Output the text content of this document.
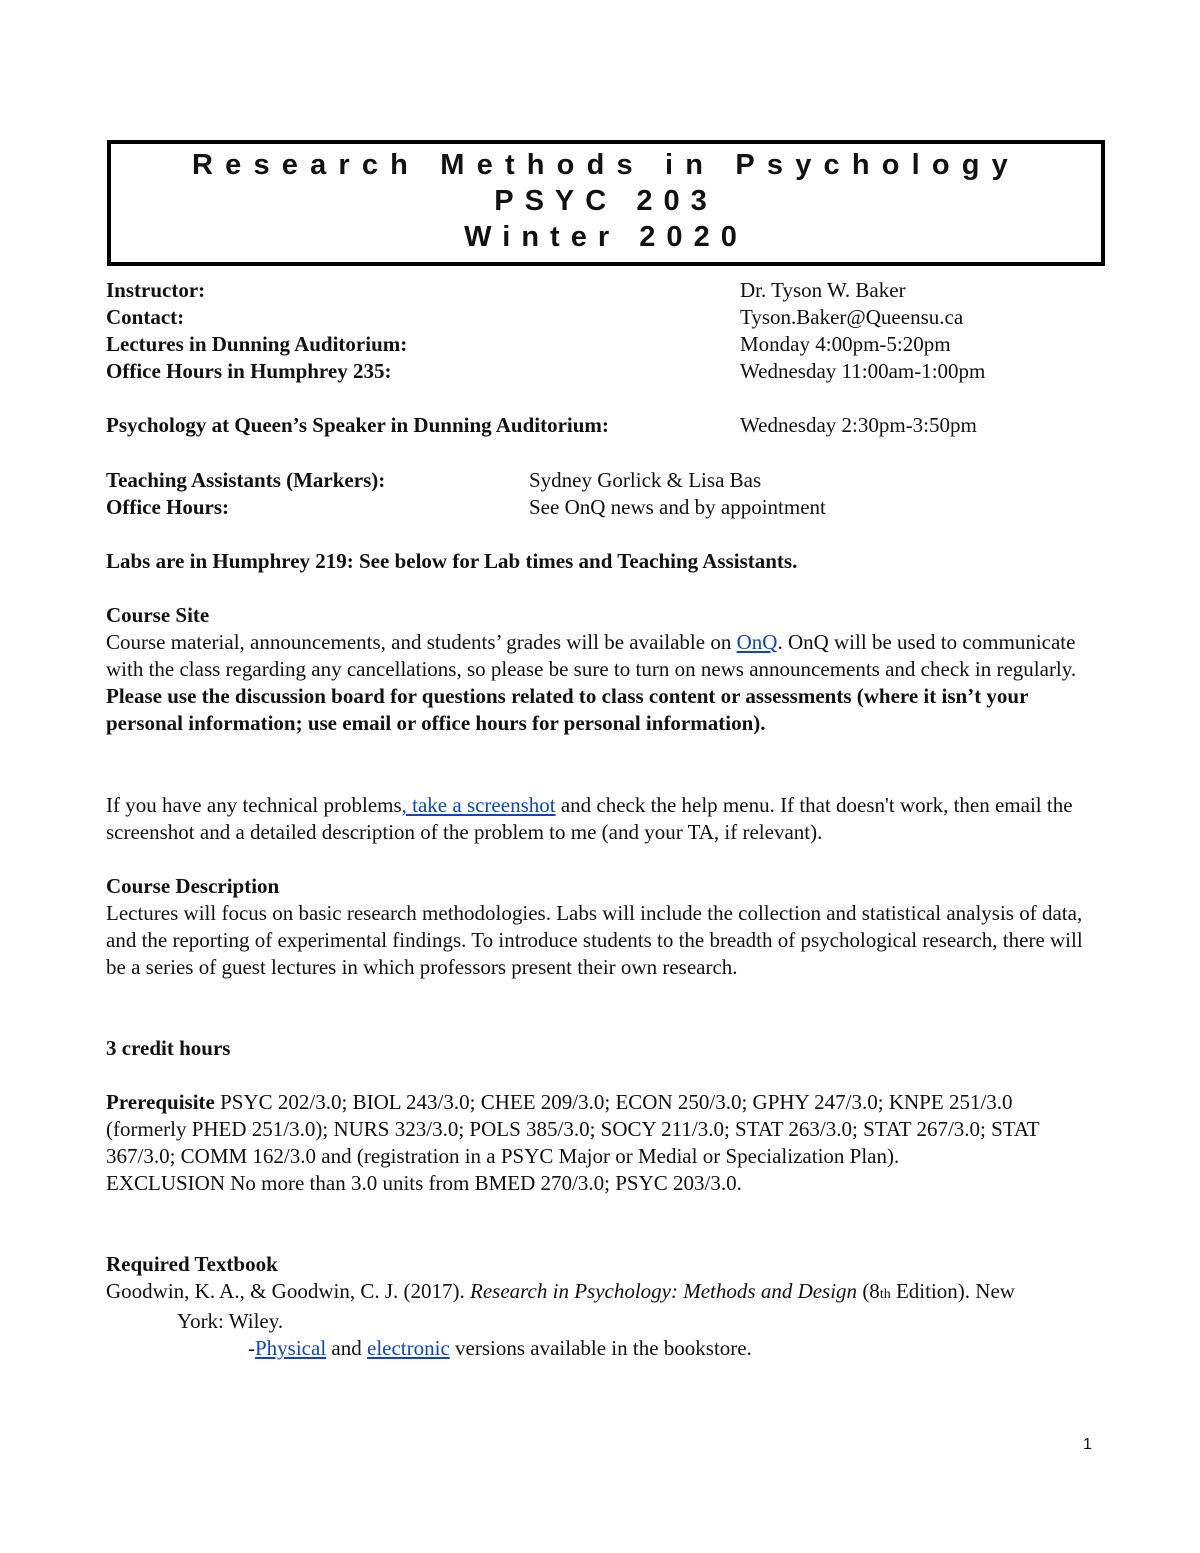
Research Methods in Psychology
PSYC 203
Winter 2020
Instructor:	Dr. Tyson W. Baker
Contact:	Tyson.Baker@Queensu.ca
Lectures in Dunning Auditorium:	Monday 4:00pm-5:20pm
Office Hours in Humphrey 235:	Wednesday 11:00am-1:00pm
Psychology at Queen’s Speaker in Dunning Auditorium:	Wednesday 2:30pm-3:50pm
Teaching Assistants (Markers):	Sydney Gorlick & Lisa Bas
Office Hours:	See OnQ news and by appointment
Labs are in Humphrey 219: See below for Lab times and Teaching Assistants.
Course Site
Course material, announcements, and students’ grades will be available on OnQ. OnQ will be used to communicate with the class regarding any cancellations, so please be sure to turn on news announcements and check in regularly. Please use the discussion board for questions related to class content or assessments (where it isn’t your personal information; use email or office hours for personal information).
If you have any technical problems, take a screenshot and check the help menu. If that doesn't work, then email the screenshot and a detailed description of the problem to me (and your TA, if relevant).
Course Description
Lectures will focus on basic research methodologies. Labs will include the collection and statistical analysis of data, and the reporting of experimental findings. To introduce students to the breadth of psychological research, there will be a series of guest lectures in which professors present their own research.
3 credit hours
Prerequisite PSYC 202/3.0; BIOL 243/3.0; CHEE 209/3.0; ECON 250/3.0; GPHY 247/3.0; KNPE 251/3.0 (formerly PHED 251/3.0); NURS 323/3.0; POLS 385/3.0; SOCY 211/3.0; STAT 263/3.0; STAT 267/3.0; STAT 367/3.0; COMM 162/3.0 and (registration in a PSYC Major or Medial or Specialization Plan).
EXCLUSION No more than 3.0 units from BMED 270/3.0; PSYC 203/3.0.
Required Textbook
Goodwin, K. A., & Goodwin, C. J. (2017). Research in Psychology: Methods and Design (8th Edition). New
York: Wiley.
-Physical and electronic versions available in the bookstore.
1
